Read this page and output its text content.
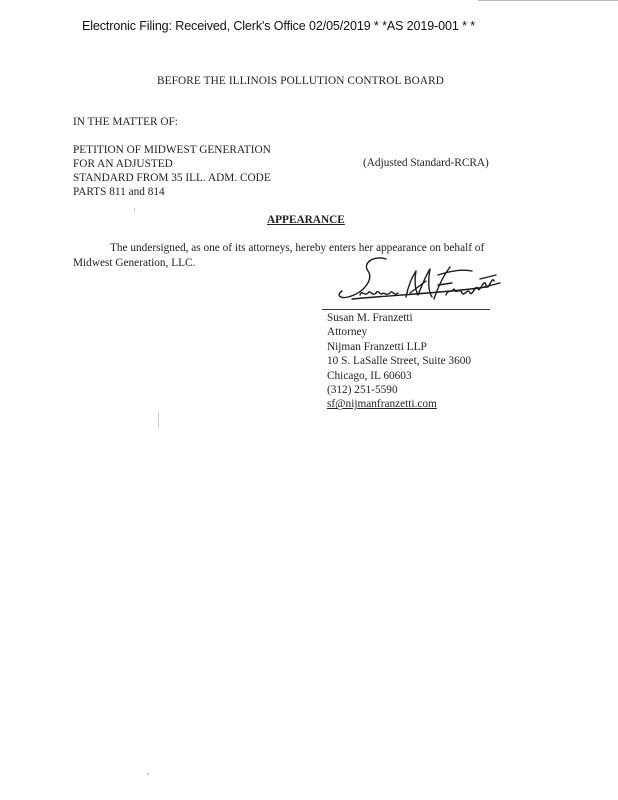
Electronic Filing: Received, Clerk's Office 02/05/2019 * *AS 2019-001 * *
BEFORE THE ILLINOIS POLLUTION CONTROL BOARD
IN THE MATTER OF:
PETITION OF MIDWEST GENERATION
FOR AN ADJUSTED
STANDARD FROM 35 ILL. ADM. CODE
PARTS 811 and 814
(Adjusted Standard-RCRA)
APPEARANCE
The undersigned, as one of its attorneys, hereby enters her appearance on behalf of
Midwest Generation, LLC.
Susan M. Franzetti
Attorney
Nijman Franzetti LLP
10 S. LaSalle Street, Suite 3600
Chicago, IL 60603
(312) 251-5590
sf@nijmanfranzetti.com
